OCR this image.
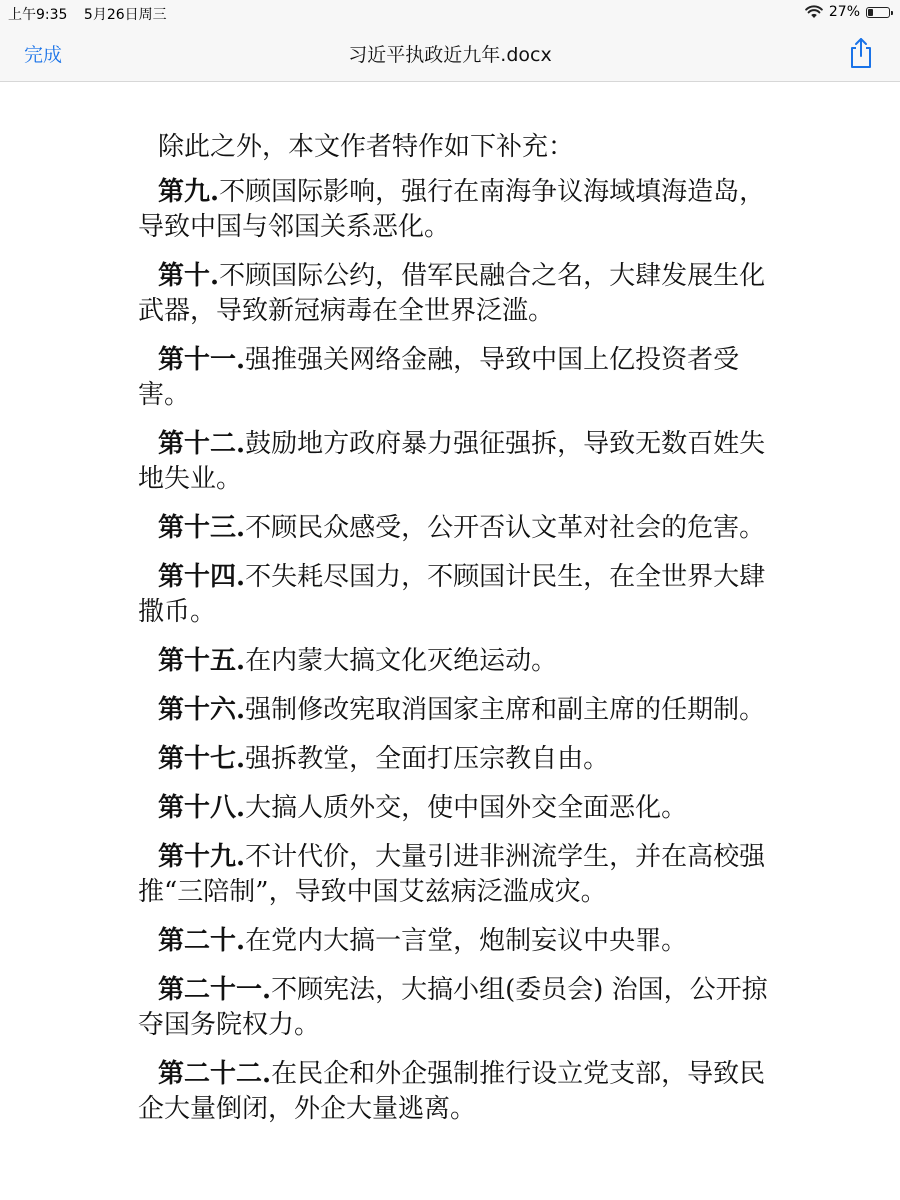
上午9:35 5月26日周三	27%
完成	习近平执政近九年.docx

除此之外，本文作者特作如下补充：

第九.不顾国际影响，强行在南海争议海域填海造岛，导致中国与邻国关系恶化。

第十.不顾国际公约，借军民融合之名，大肆发展生化武器，导致新冠病毒在全世界泛滥。

第十一.强推强关网络金融，导致中国上亿投资者受害。

第十二.鼓励地方政府暴力强征强拆，导致无数百姓失地失业。

第十三.不顾民众感受，公开否认文革对社会的危害。

第十四.不失耗尽国力，不顾国计民生，在全世界大肆撒币。

第十五.在内蒙大搞文化灭绝运动。

第十六.强制修改宪取消国家主席和副主席的任期制。

第十七.强拆教堂，全面打压宗教自由。

第十八.大搞人质外交，使中国外交全面恶化。

第十九.不计代价，大量引进非洲流学生，并在高校强推“三陪制”，导致中国艾兹病泛滥成灾。

第二十.在党内大搞一言堂，炮制妄议中央罪。

第二十一.不顾宪法，大搞小组(委员会) 治国，公开掠夺国务院权力。

第二十二.在民企和外企强制推行设立党支部，导致民企大量倒闭，外企大量逃离。
